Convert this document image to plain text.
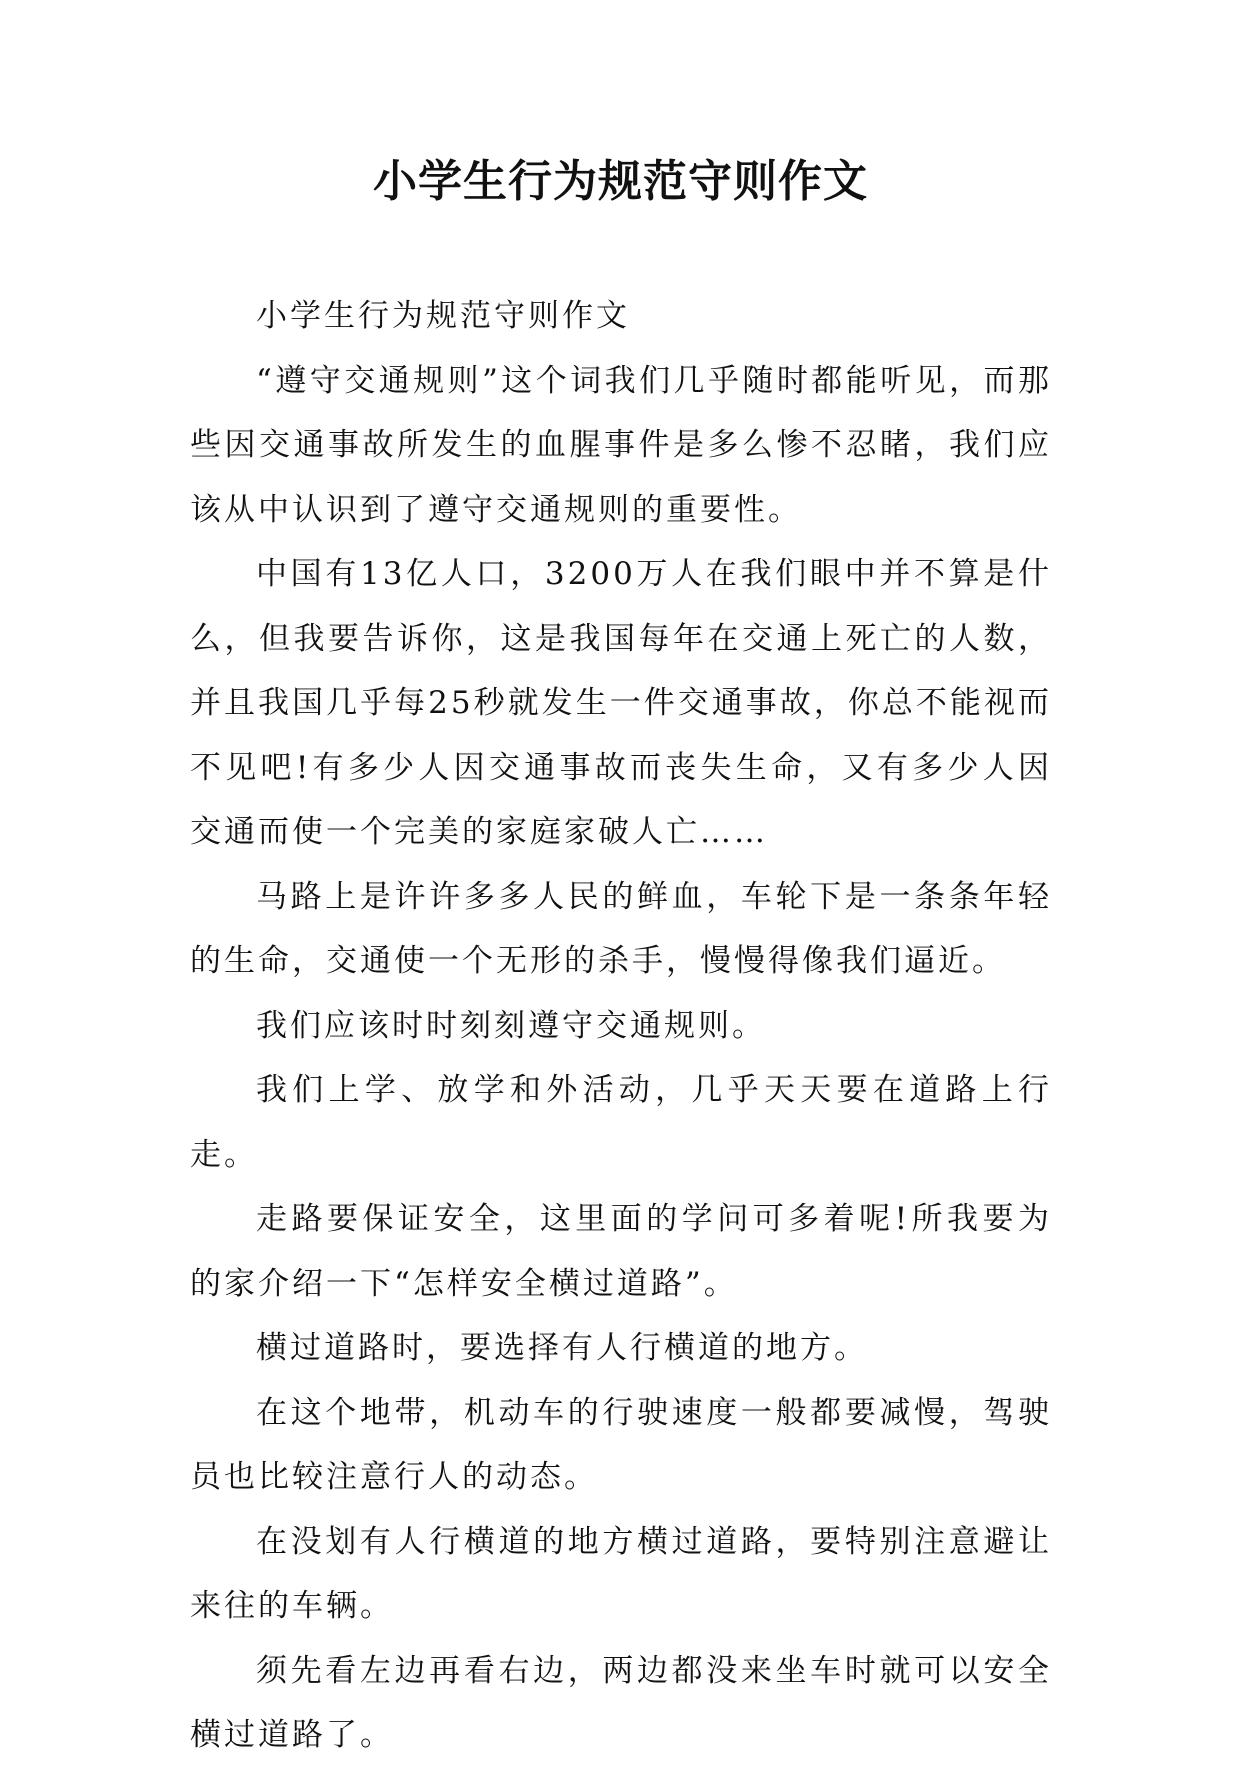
小学生行为规范守则作文

小学生行为规范守则作文

“遵守交通规则”这个词我们几乎随时都能听见，而那些因交通事故所发生的血腥事件是多么惨不忍睹，我们应该从中认识到了遵守交通规则的重要性。

中国有13亿人口，3200万人在我们眼中并不算是什么，但我要告诉你，这是我国每年在交通上死亡的人数，并且我国几乎每25秒就发生一件交通事故，你总不能视而不见吧!有多少人因交通事故而丧失生命，又有多少人因交通而使一个完美的家庭家破人亡……

马路上是许许多多人民的鲜血，车轮下是一条条年轻的生命，交通使一个无形的杀手，慢慢得像我们逼近。

我们应该时时刻刻遵守交通规则。

我们上学、放学和外活动，几乎天天要在道路上行走。

走路要保证安全，这里面的学问可多着呢!所我要为的家介绍一下“怎样安全横过道路”。

横过道路时，要选择有人行横道的地方。

在这个地带，机动车的行驶速度一般都要减慢，驾驶员也比较注意行人的动态。

在没划有人行横道的地方横过道路，要特别注意避让来往的车辆。

须先看左边再看右边，两边都没来坐车时就可以安全横过道路了。
